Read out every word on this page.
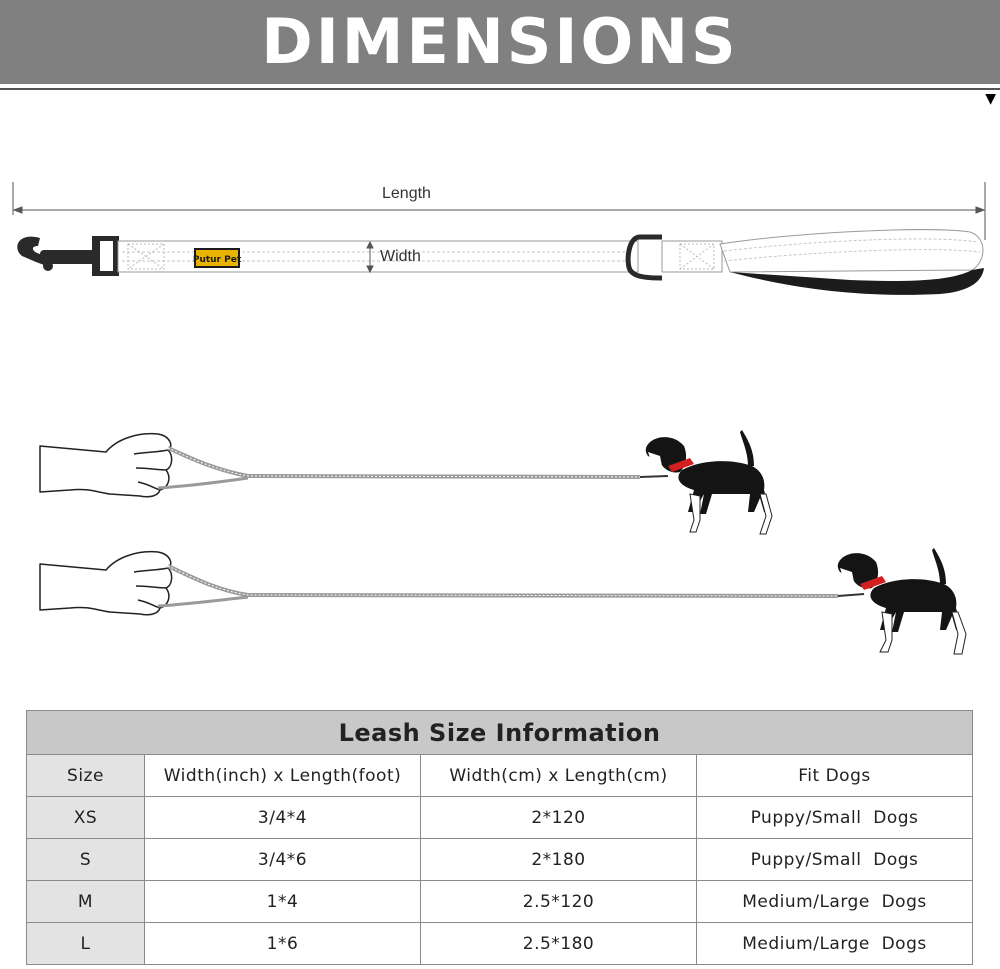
DIMENSIONS
▼
Putur Pet
Length
Width
Leash Size Information			
Size	Width(inch) x Length(foot)	Width(cm) x Length(cm)	Fit Dogs
XS	3/4*4	2*120	Puppy/Small  Dogs
S	3/4*6	2*180	Puppy/Small  Dogs
M	1*4	2.5*120	Medium/Large  Dogs
L	1*6	2.5*180	Medium/Large  Dogs
